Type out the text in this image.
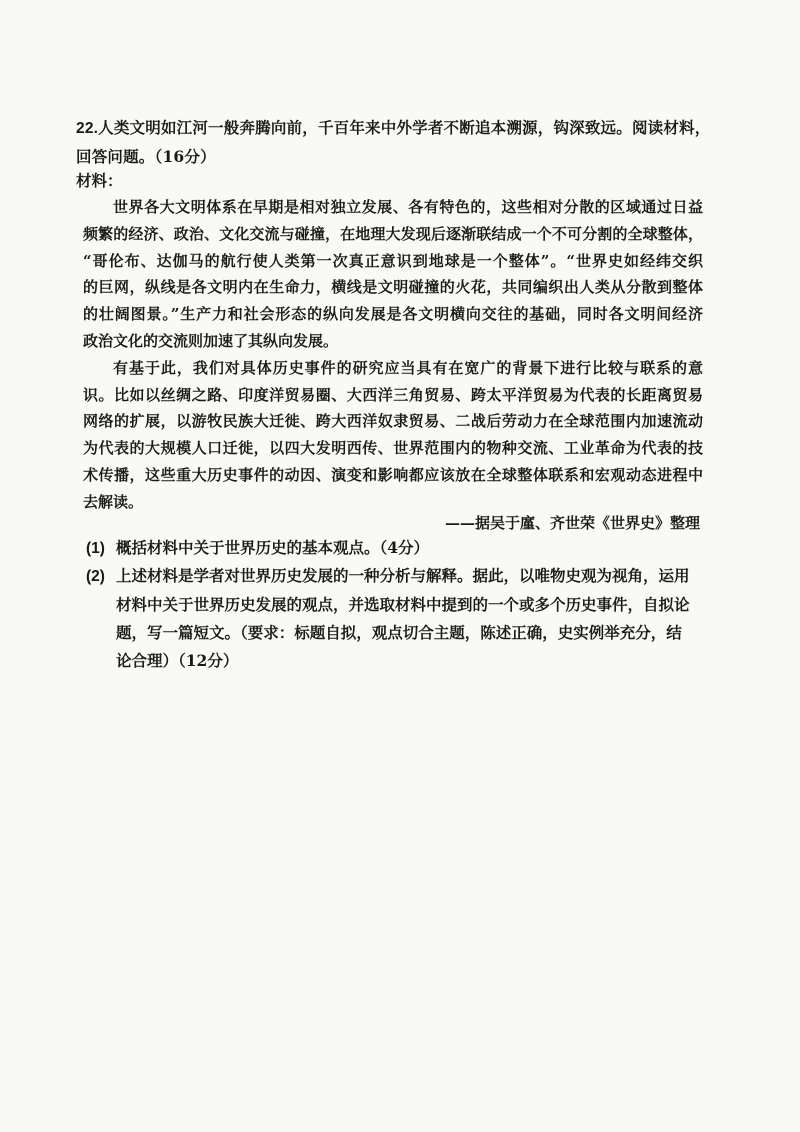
22.人类文明如江河一般奔腾向前，千百年来中外学者不断追本溯源，钩深致远。阅读材料，
回答问题。（16分）
材料：
世界各大文明体系在早期是相对独立发展、各有特色的，这些相对分散的区域通过日益
频繁的经济、政治、文化交流与碰撞，在地理大发现后逐渐联结成一个不可分割的全球整体，
“哥伦布、达伽马的航行使人类第一次真正意识到地球是一个整体”。“世界史如经纬交织
的巨网，纵线是各文明内在生命力，横线是文明碰撞的火花，共同编织出人类从分散到整体
的壮阔图景。”生产力和社会形态的纵向发展是各文明横向交往的基础，同时各文明间经济
政治文化的交流则加速了其纵向发展。
有基于此，我们对具体历史事件的研究应当具有在宽广的背景下进行比较与联系的意
识。比如以丝绸之路、印度洋贸易圈、大西洋三角贸易、跨太平洋贸易为代表的长距离贸易
网络的扩展，以游牧民族大迁徙、跨大西洋奴隶贸易、二战后劳动力在全球范围内加速流动
为代表的大规模人口迁徙，以四大发明西传、世界范围内的物种交流、工业革命为代表的技
术传播，这些重大历史事件的动因、演变和影响都应该放在全球整体联系和宏观动态进程中
去解读。
——据吴于廑、齐世荣《世界史》整理
(1) 概括材料中关于世界历史的基本观点。（4分）
(2) 上述材料是学者对世界历史发展的一种分析与解释。据此，以唯物史观为视角，运用
材料中关于世界历史发展的观点，并选取材料中提到的一个或多个历史事件，自拟论
题，写一篇短文。（要求：标题自拟，观点切合主题，陈述正确，史实例举充分，结
论合理）（12分）
